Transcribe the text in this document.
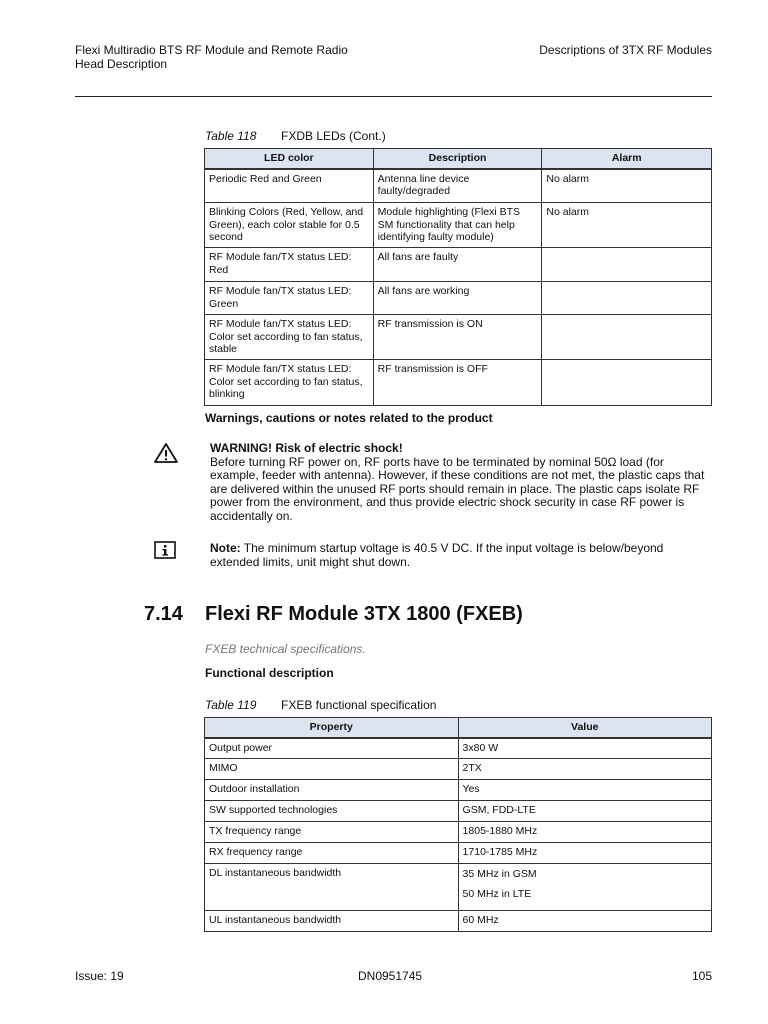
Flexi Multiradio BTS RF Module and Remote Radio
Head Description
Descriptions of 3TX RF Modules
Table 118 FXDB LEDs (Cont.)
LED color	Description	Alarm
Periodic Red and Green	Antenna line device faulty/degraded	No alarm
Blinking Colors (Red, Yellow, and Green), each color stable for 0.5 second	Module highlighting (Flexi BTS SM functionality that can help identifying faulty module)	No alarm
RF Module fan/TX status LED: Red	All fans are faulty	
RF Module fan/TX status LED: Green	All fans are working	
RF Module fan/TX status LED: Color set according to fan status, stable	RF transmission is ON	
RF Module fan/TX status LED: Color set according to fan status, blinking	RF transmission is OFF	
Warnings, cautions or notes related to the product
WARNING! Risk of electric shock!
Before turning RF power on, RF ports have to be terminated by nominal 50Ω load (for example, feeder with antenna). However, if these conditions are not met, the plastic caps that are delivered within the unused RF ports should remain in place. The plastic caps isolate RF power from the environment, and thus provide electric shock security in case RF power is accidentally on.
Note: The minimum startup voltage is 40.5 V DC. If the input voltage is below/beyond extended limits, unit might shut down.
7.14 Flexi RF Module 3TX 1800 (FXEB)
FXEB technical specifications.
Functional description
Table 119 FXEB functional specification
Property	Value
Output power	3x80 W
MIMO	2TX
Outdoor installation	Yes
SW supported technologies	GSM, FDD-LTE
TX frequency range	1805-1880 MHz
RX frequency range	1710-1785 MHz
DL instantaneous bandwidth	35 MHz in GSM
50 MHz in LTE

UL instantaneous bandwidth	60 MHz
Issue: 19	DN0951745	105
